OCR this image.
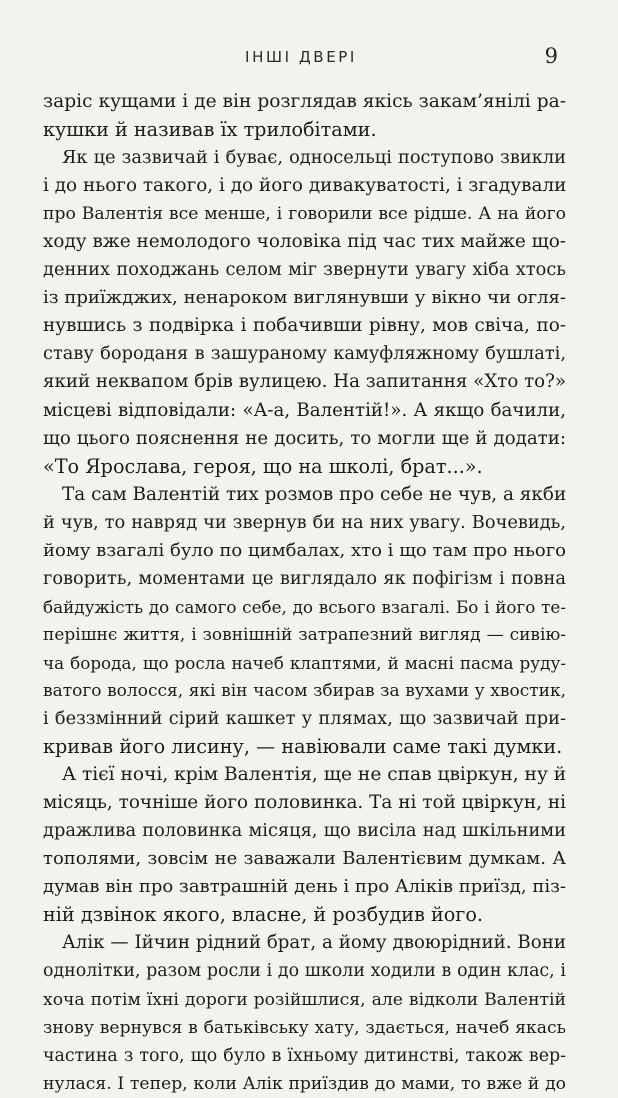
ІНШІ ДВЕРІ	9
заріс кущами і де він розглядав якісь закам’янілі ра-
кушки й називав їх трилобітами.
Як це зазвичай і буває, односельці поступово звикли
і до нього такого, і до його дивакуватості, і згадували
про Валентія все менше, і говорили все рідше. А на його
ходу вже немолодого чоловіка під час тих майже що-
денних походжань селом міг звернути увагу хіба хтось
із приїжджих, ненароком виглянувши у вікно чи огля-
нувшись з подвірка і побачивши рівну, мов свіча, по-
ставу бороданя в зашураному камуфляжному бушлаті,
який неквапом брів вулицею. На запитання «Хто то?»
місцеві відповідали: «А-а, Валентій!». А якщо бачили,
що цього пояснення не досить, то могли ще й додати:
«То Ярослава, героя, що на школі, брат...».
Та сам Валентій тих розмов про себе не чув, а якби
й чув, то навряд чи звернув би на них увагу. Вочевидь,
йому взагалі було по цимбалах, хто і що там про нього
говорить, моментами це виглядало як пофігізм і повна
байдужість до самого себе, до всього взагалі. Бо і його те-
перішнє життя, і зовнішній затрапезний вигляд — сивію-
ча борода, що росла начеб клаптями, й масні пасма руду-
ватого волосся, які він часом збирав за вухами у хвостик,
і беззмінний сірий кашкет у плямах, що зазвичай при-
кривав його лисину, — навіювали саме такі думки.
А тієї ночі, крім Валентія, ще не спав цвіркун, ну й
місяць, точніше його половинка. Та ні той цвіркун, ні
дражлива половинка місяця, що висіла над шкільними
тополями, зовсім не заважали Валентієвим думкам. А
думав він про завтрашній день і про Аліків приїзд, піз-
ній дзвінок якого, власне, й розбудив його.
Алік — Ійчин рідний брат, а йому двоюрідний. Вони
однолітки, разом росли і до школи ходили в один клас, і
хоча потім їхні дороги розійшлися, але відколи Валентій
знову вернувся в батьківську хату, здається, начеб якась
частина з того, що було в їхньому дитинстві, також вер-
нулася. І тепер, коли Алік приїздив до мами, то вже й до
